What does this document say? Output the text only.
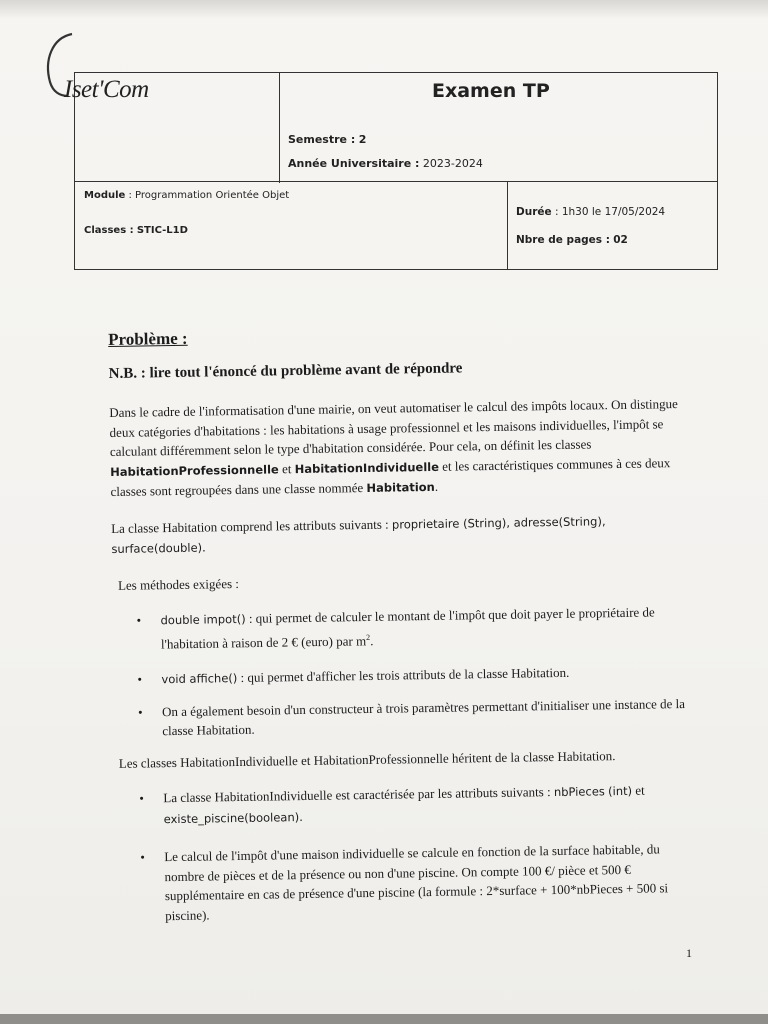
Iset'Com	Examen TP
Semestre : 2
Année Universitaire : 2023-2024
Module : Programmation Orientée Objet
Classes : STIC-L1D
Durée : 1h30 le 17/05/2024
Nbre de pages : 02
Problème :
N.B. : lire tout l'énoncé du problème avant de répondre

Dans le cadre de l'informatisation d'une mairie, on veut automatiser le calcul des impôts locaux. On distingue deux catégories d'habitations : les habitations à usage professionnel et les maisons individuelles, l'impôt se calculant différemment selon le type d'habitation considérée. Pour cela, on définit les classes HabitationProfessionnelle et HabitationIndividuelle et les caractéristiques communes à ces deux classes sont regroupées dans une classe nommée Habitation.

La classe Habitation comprend les attributs suivants : proprietaire (String), adresse(String), surface(double).

Les méthodes exigées :

• double impot() : qui permet de calculer le montant de l'impôt que doit payer le propriétaire de l'habitation à raison de 2 € (euro) par $m^2$.
• void affiche() : qui permet d'afficher les trois attributs de la classe Habitation.
• On a également besoin d'un constructeur à trois paramètres permettant d'initialiser une instance de la classe Habitation.

Les classes HabitationIndividuelle et HabitationProfessionnelle héritent de la classe Habitation.

• La classe HabitationIndividuelle est caractérisée par les attributs suivants : nbPieces (int) et existe_piscine(boolean).
• Le calcul de l'impôt d'une maison individuelle se calcule en fonction de la surface habitable, du nombre de pièces et de la présence ou non d'une piscine. On compte 100 €/ pièce et 500 € supplémentaire en cas de présence d'une piscine (la formule : 2*surface + 100*nbPieces + 500 si piscine).
1
